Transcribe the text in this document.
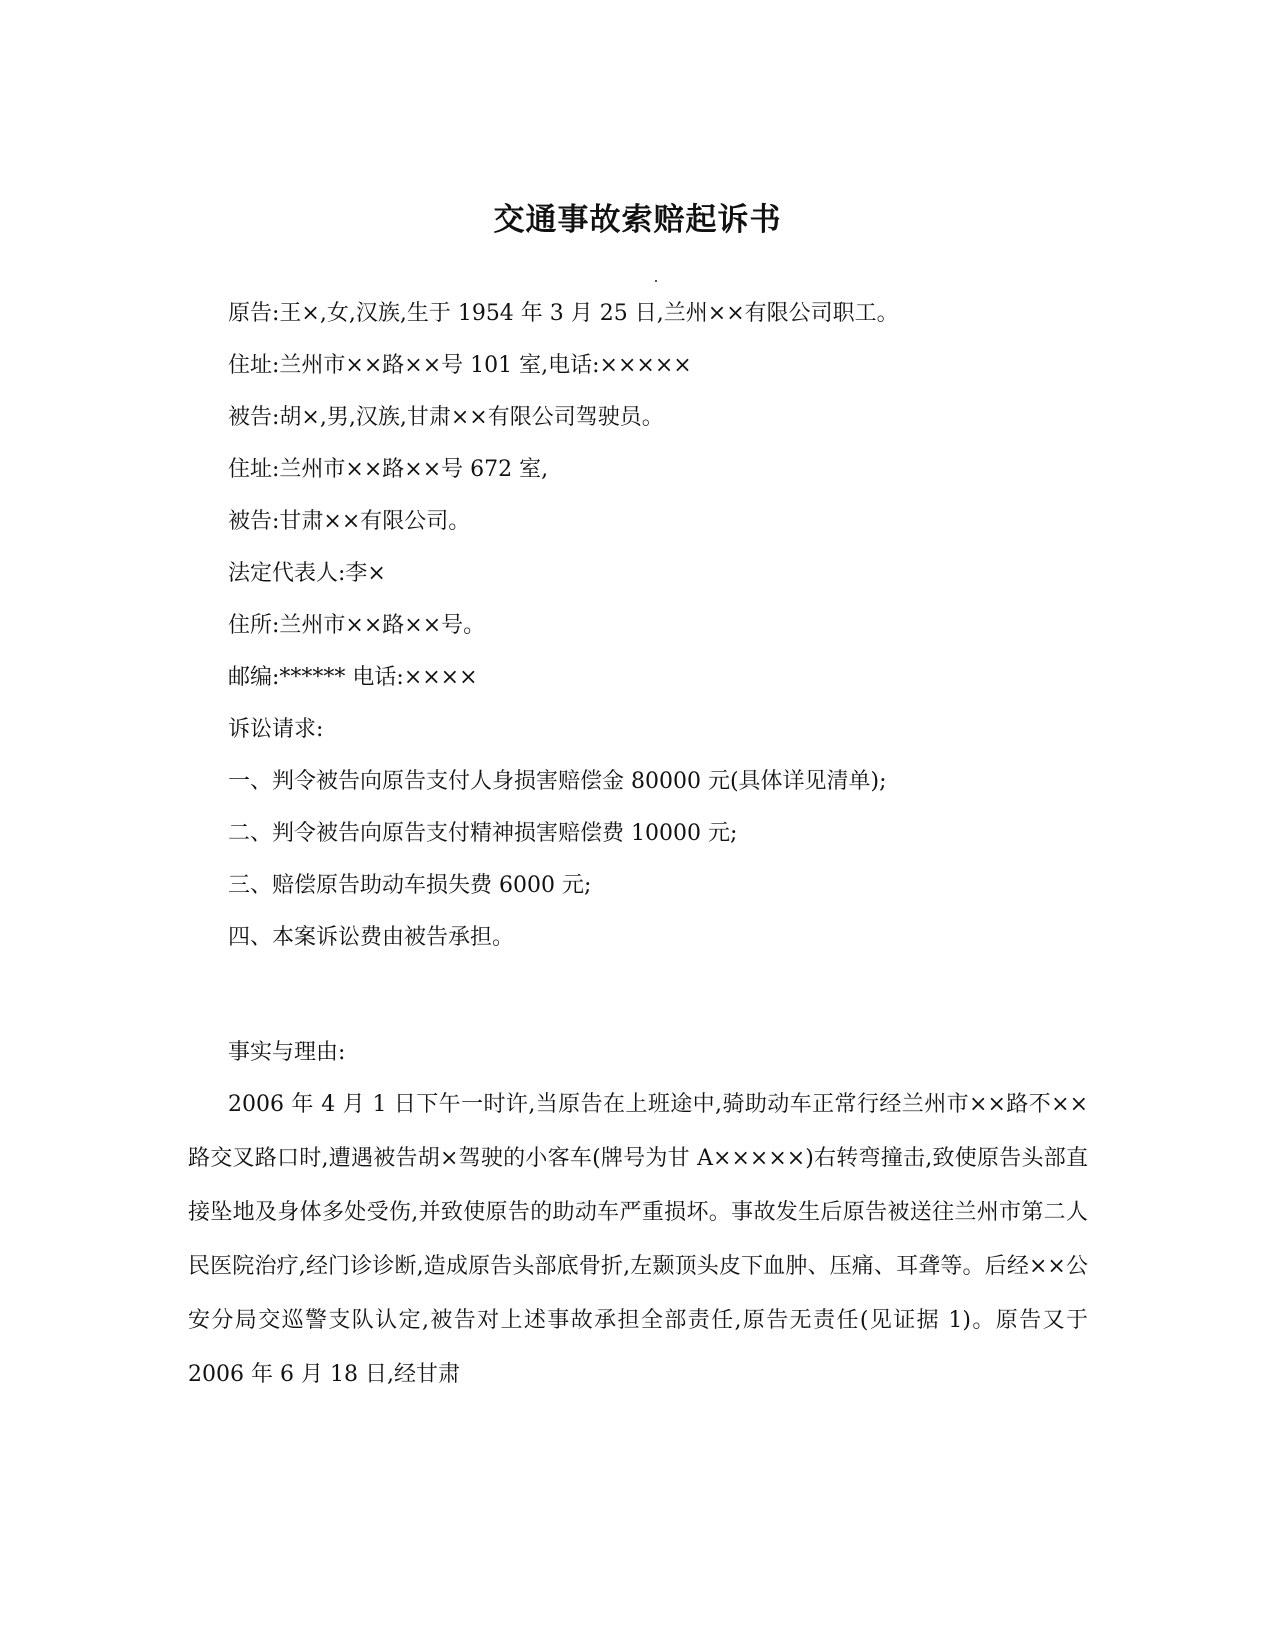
交通事故索赔起诉书
原告:王×,女,汉族,生于 1954 年 3 月 25 日,兰州××有限公司职工。
住址:兰州市××路××号 101 室,电话:×××××
被告:胡×,男,汉族,甘肃××有限公司驾驶员。
住址:兰州市××路××号 672 室,
被告:甘肃××有限公司。
法定代表人:李×
住所:兰州市××路××号。
邮编:****** 电话:××××
诉讼请求:
一、判令被告向原告支付人身损害赔偿金 80000 元(具体详见清单);
二、判令被告向原告支付精神损害赔偿费 10000 元;
三、赔偿原告助动车损失费 6000 元;
四、本案诉讼费由被告承担。
事实与理由:
2006 年 4 月 1 日下午一时许,当原告在上班途中,骑助动车正常行经兰州市××路不××路交叉路口时,遭遇被告胡×驾驶的小客车(牌号为甘 A×××××)右转弯撞击,致使原告头部直接坠地及身体多处受伤,并致使原告的助动车严重损坏。事故发生后原告被送往兰州市第二人民医院治疗,经门诊诊断,造成原告头部底骨折,左颞顶头皮下血肿、压痛、耳聋等。后经××公安分局交巡警支队认定,被告对上述事故承担全部责任,原告无责任(见证据 1)。原告又于 2006 年 6 月 18 日,经甘肃
